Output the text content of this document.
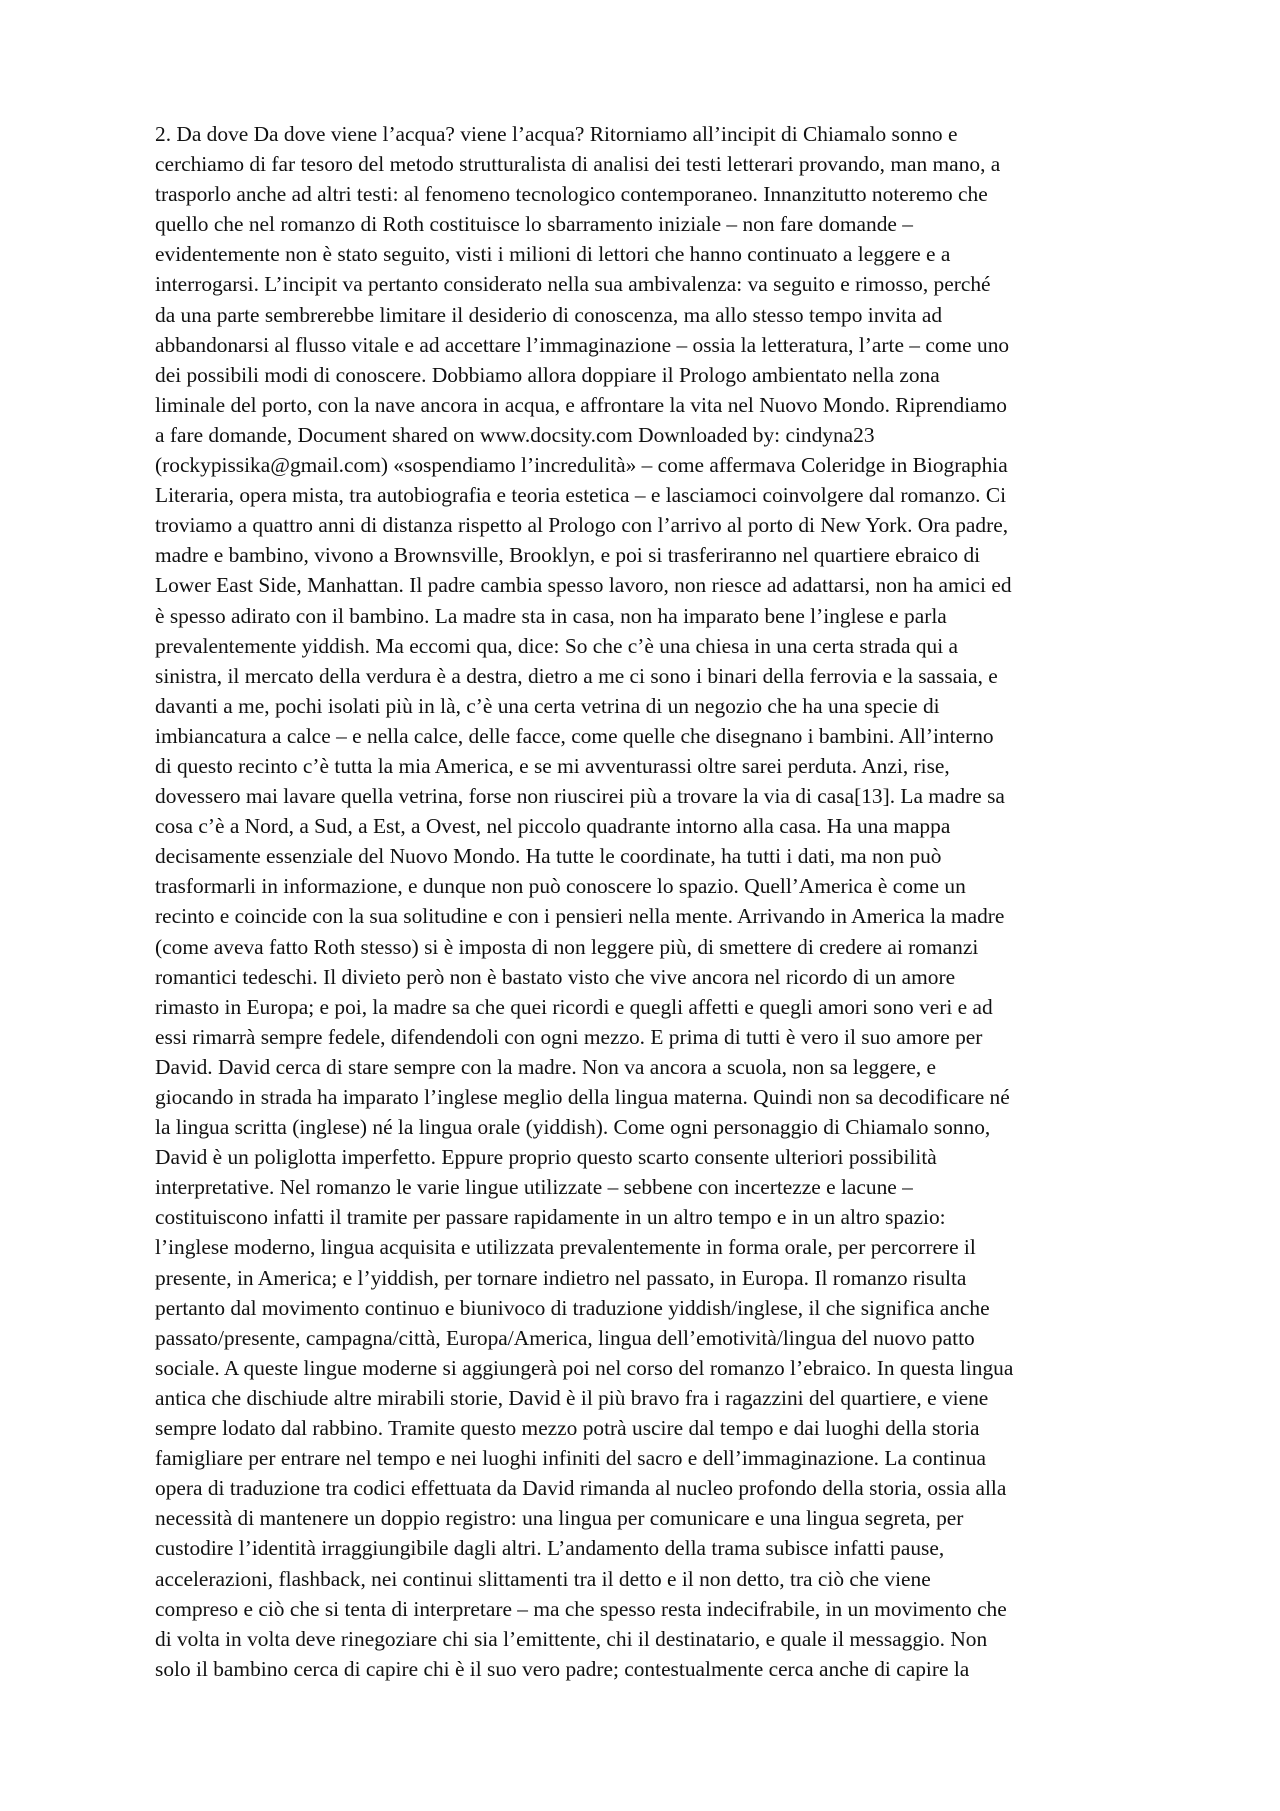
2. Da dove Da dove viene l’acqua? viene l’acqua? Ritorniamo all’incipit di Chiamalo sonno e
cerchiamo di far tesoro del metodo strutturalista di analisi dei testi letterari provando, man mano, a
trasporlo anche ad altri testi: al fenomeno tecnologico contemporaneo. Innanzitutto noteremo che
quello che nel romanzo di Roth costituisce lo sbarramento iniziale – non fare domande –
evidentemente non è stato seguito, visti i milioni di lettori che hanno continuato a leggere e a
interrogarsi. L’incipit va pertanto considerato nella sua ambivalenza: va seguito e rimosso, perché
da una parte sembrerebbe limitare il desiderio di conoscenza, ma allo stesso tempo invita ad
abbandonarsi al flusso vitale e ad accettare l’immaginazione – ossia la letteratura, l’arte – come uno
dei possibili modi di conoscere. Dobbiamo allora doppiare il Prologo ambientato nella zona
liminale del porto, con la nave ancora in acqua, e affrontare la vita nel Nuovo Mondo. Riprendiamo
a fare domande, Document shared on www.docsity.com Downloaded by: cindyna23
(rockypissika@gmail.com) «sospendiamo l’incredulità» – come affermava Coleridge in Biographia
Literaria, opera mista, tra autobiografia e teoria estetica – e lasciamoci coinvolgere dal romanzo. Ci
troviamo a quattro anni di distanza rispetto al Prologo con l’arrivo al porto di New York. Ora padre,
madre e bambino, vivono a Brownsville, Brooklyn, e poi si trasferiranno nel quartiere ebraico di
Lower East Side, Manhattan. Il padre cambia spesso lavoro, non riesce ad adattarsi, non ha amici ed
è spesso adirato con il bambino. La madre sta in casa, non ha imparato bene l’inglese e parla
prevalentemente yiddish. Ma eccomi qua, dice: So che c’è una chiesa in una certa strada qui a
sinistra, il mercato della verdura è a destra, dietro a me ci sono i binari della ferrovia e la sassaia, e
davanti a me, pochi isolati più in là, c’è una certa vetrina di un negozio che ha una specie di
imbiancatura a calce – e nella calce, delle facce, come quelle che disegnano i bambini. All’interno
di questo recinto c’è tutta la mia America, e se mi avventurassi oltre sarei perduta. Anzi, rise,
dovessero mai lavare quella vetrina, forse non riuscirei più a trovare la via di casa[13]. La madre sa
cosa c’è a Nord, a Sud, a Est, a Ovest, nel piccolo quadrante intorno alla casa. Ha una mappa
decisamente essenziale del Nuovo Mondo. Ha tutte le coordinate, ha tutti i dati, ma non può
trasformarli in informazione, e dunque non può conoscere lo spazio. Quell’America è come un
recinto e coincide con la sua solitudine e con i pensieri nella mente. Arrivando in America la madre
(come aveva fatto Roth stesso) si è imposta di non leggere più, di smettere di credere ai romanzi
romantici tedeschi. Il divieto però non è bastato visto che vive ancora nel ricordo di un amore
rimasto in Europa; e poi, la madre sa che quei ricordi e quegli affetti e quegli amori sono veri e ad
essi rimarrà sempre fedele, difendendoli con ogni mezzo. E prima di tutti è vero il suo amore per
David. David cerca di stare sempre con la madre. Non va ancora a scuola, non sa leggere, e
giocando in strada ha imparato l’inglese meglio della lingua materna. Quindi non sa decodificare né
la lingua scritta (inglese) né la lingua orale (yiddish). Come ogni personaggio di Chiamalo sonno,
David è un poliglotta imperfetto. Eppure proprio questo scarto consente ulteriori possibilità
interpretative. Nel romanzo le varie lingue utilizzate – sebbene con incertezze e lacune –
costituiscono infatti il tramite per passare rapidamente in un altro tempo e in un altro spazio:
l’inglese moderno, lingua acquisita e utilizzata prevalentemente in forma orale, per percorrere il
presente, in America; e l’yiddish, per tornare indietro nel passato, in Europa. Il romanzo risulta
pertanto dal movimento continuo e biunivoco di traduzione yiddish/inglese, il che significa anche
passato/presente, campagna/città, Europa/America, lingua dell’emotività/lingua del nuovo patto
sociale. A queste lingue moderne si aggiungerà poi nel corso del romanzo l’ebraico. In questa lingua
antica che dischiude altre mirabili storie, David è il più bravo fra i ragazzini del quartiere, e viene
sempre lodato dal rabbino. Tramite questo mezzo potrà uscire dal tempo e dai luoghi della storia
famigliare per entrare nel tempo e nei luoghi infiniti del sacro e dell’immaginazione. La continua
opera di traduzione tra codici effettuata da David rimanda al nucleo profondo della storia, ossia alla
necessità di mantenere un doppio registro: una lingua per comunicare e una lingua segreta, per
custodire l’identità irraggiungibile dagli altri. L’andamento della trama subisce infatti pause,
accelerazioni, flashback, nei continui slittamenti tra il detto e il non detto, tra ciò che viene
compreso e ciò che si tenta di interpretare – ma che spesso resta indecifrabile, in un movimento che
di volta in volta deve rinegoziare chi sia l’emittente, chi il destinatario, e quale il messaggio. Non
solo il bambino cerca di capire chi è il suo vero padre; contestualmente cerca anche di capire la
